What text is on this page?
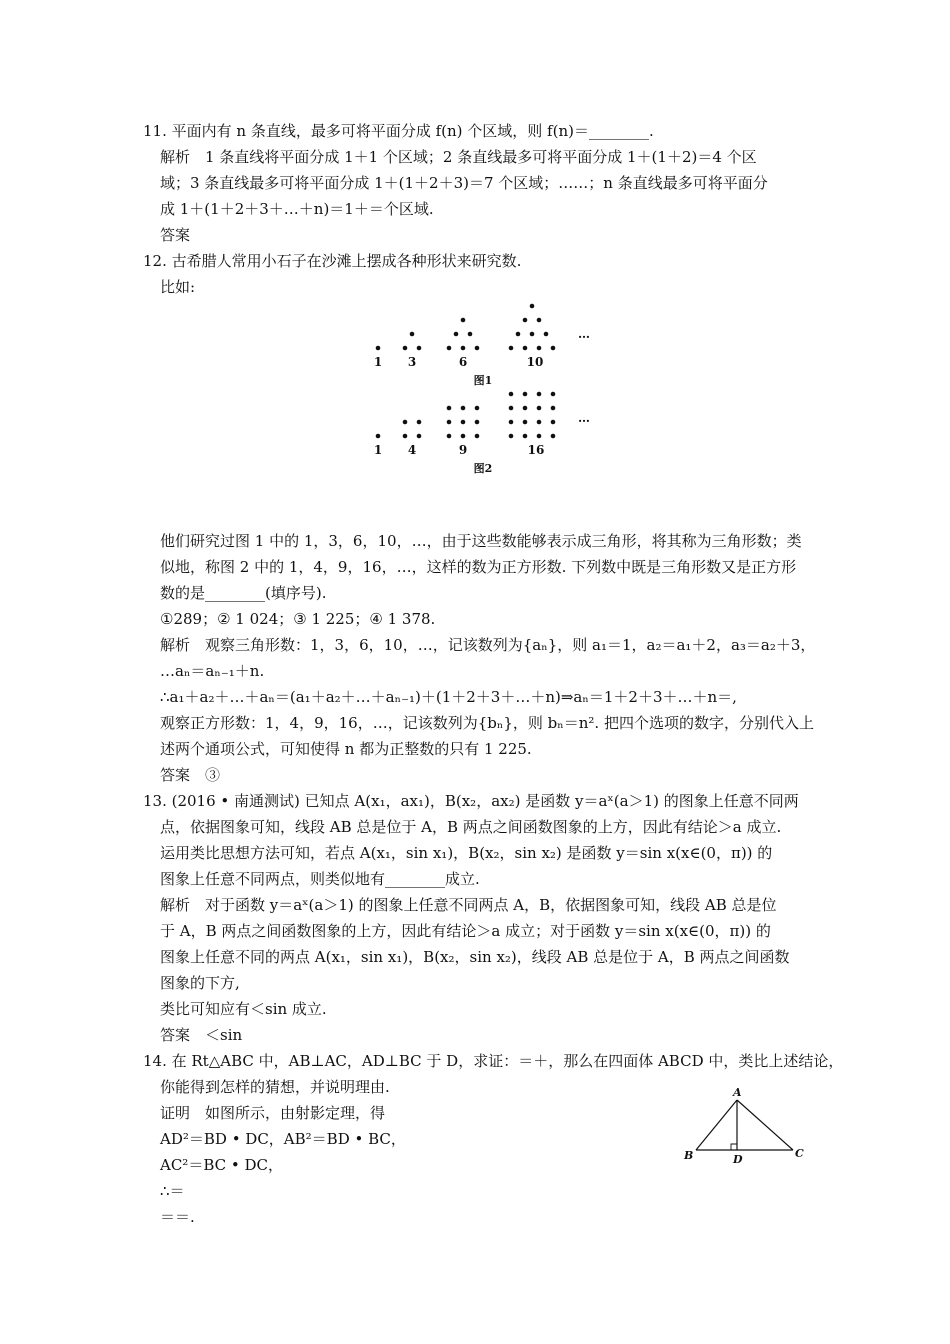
11. 平面内有 n 条直线，最多可将平面分成 f(n) 个区域，则 f(n)＝________.
解析　1 条直线将平面分成 1＋1 个区域；2 条直线最多可将平面分成 1＋(1＋2)＝4 个区
域；3 条直线最多可将平面分成 1＋(1＋2＋3)＝7 个区域；……；n 条直线最多可将平面分
成 1＋(1＋2＋3＋…＋n)＝1＋＝个区域.
答案
12. 古希腊人常用小石子在沙滩上摆成各种形状来研究数.
比如:
1 3	6	10
…
图1
1 4	9	16
…
图2
他们研究过图 1 中的 1，3，6，10，…，由于这些数能够表示成三角形，将其称为三角形数；类
似地，称图 2 中的 1，4，9，16，…，这样的数为正方形数. 下列数中既是三角形数又是正方形
数的是________(填序号).
①289；② 1 024；③ 1 225；④ 1 378.
解析　观察三角形数：1，3，6，10，…，记该数列为{aₙ}，则 a₁＝1，a₂＝a₁＋2，a₃＝a₂＋3，
…aₙ＝aₙ₋₁＋n.
∴a₁＋a₂＋…＋aₙ＝(a₁＋a₂＋…＋aₙ₋₁)＋(1＋2＋3＋…＋n)⇒aₙ＝1＋2＋3＋…＋n＝,
观察正方形数：1，4，9，16，…，记该数列为{bₙ}，则 bₙ＝n². 把四个选项的数字，分别代入上
述两个通项公式，可知使得 n 都为正整数的只有 1 225.
答案　③
13. (2016 • 南通测试) 已知点 A(x₁，ax₁)，B(x₂，ax₂) 是函数 y＝aˣ(a＞1) 的图象上任意不同两
点，依据图象可知，线段 AB 总是位于 A，B 两点之间函数图象的上方，因此有结论＞a 成立.
运用类比思想方法可知，若点 A(x₁，sin x₁)，B(x₂，sin x₂) 是函数 y＝sin x(x∈(0，π)) 的
图象上任意不同两点，则类似地有________成立.
解析　对于函数 y＝aˣ(a＞1) 的图象上任意不同两点 A，B，依据图象可知，线段 AB 总是位
于 A，B 两点之间函数图象的上方，因此有结论＞a 成立；对于函数 y＝sin x(x∈(0，π)) 的
图象上任意不同的两点 A(x₁，sin x₁)，B(x₂，sin x₂)，线段 AB 总是位于 A，B 两点之间函数
图象的下方,
类比可知应有＜sin 成立.
答案　＜sin
14. 在 Rt△ABC 中，AB⊥AC，AD⊥BC 于 D，求证：＝＋，那么在四面体 ABCD 中，类比上述结论，
你能得到怎样的猜想，并说明理由.
证明　如图所示，由射影定理，得
AD²＝BD • DC，AB²＝BD • BC，
AC²＝BC • DC，
∴＝
＝＝.
A
B	C
D
